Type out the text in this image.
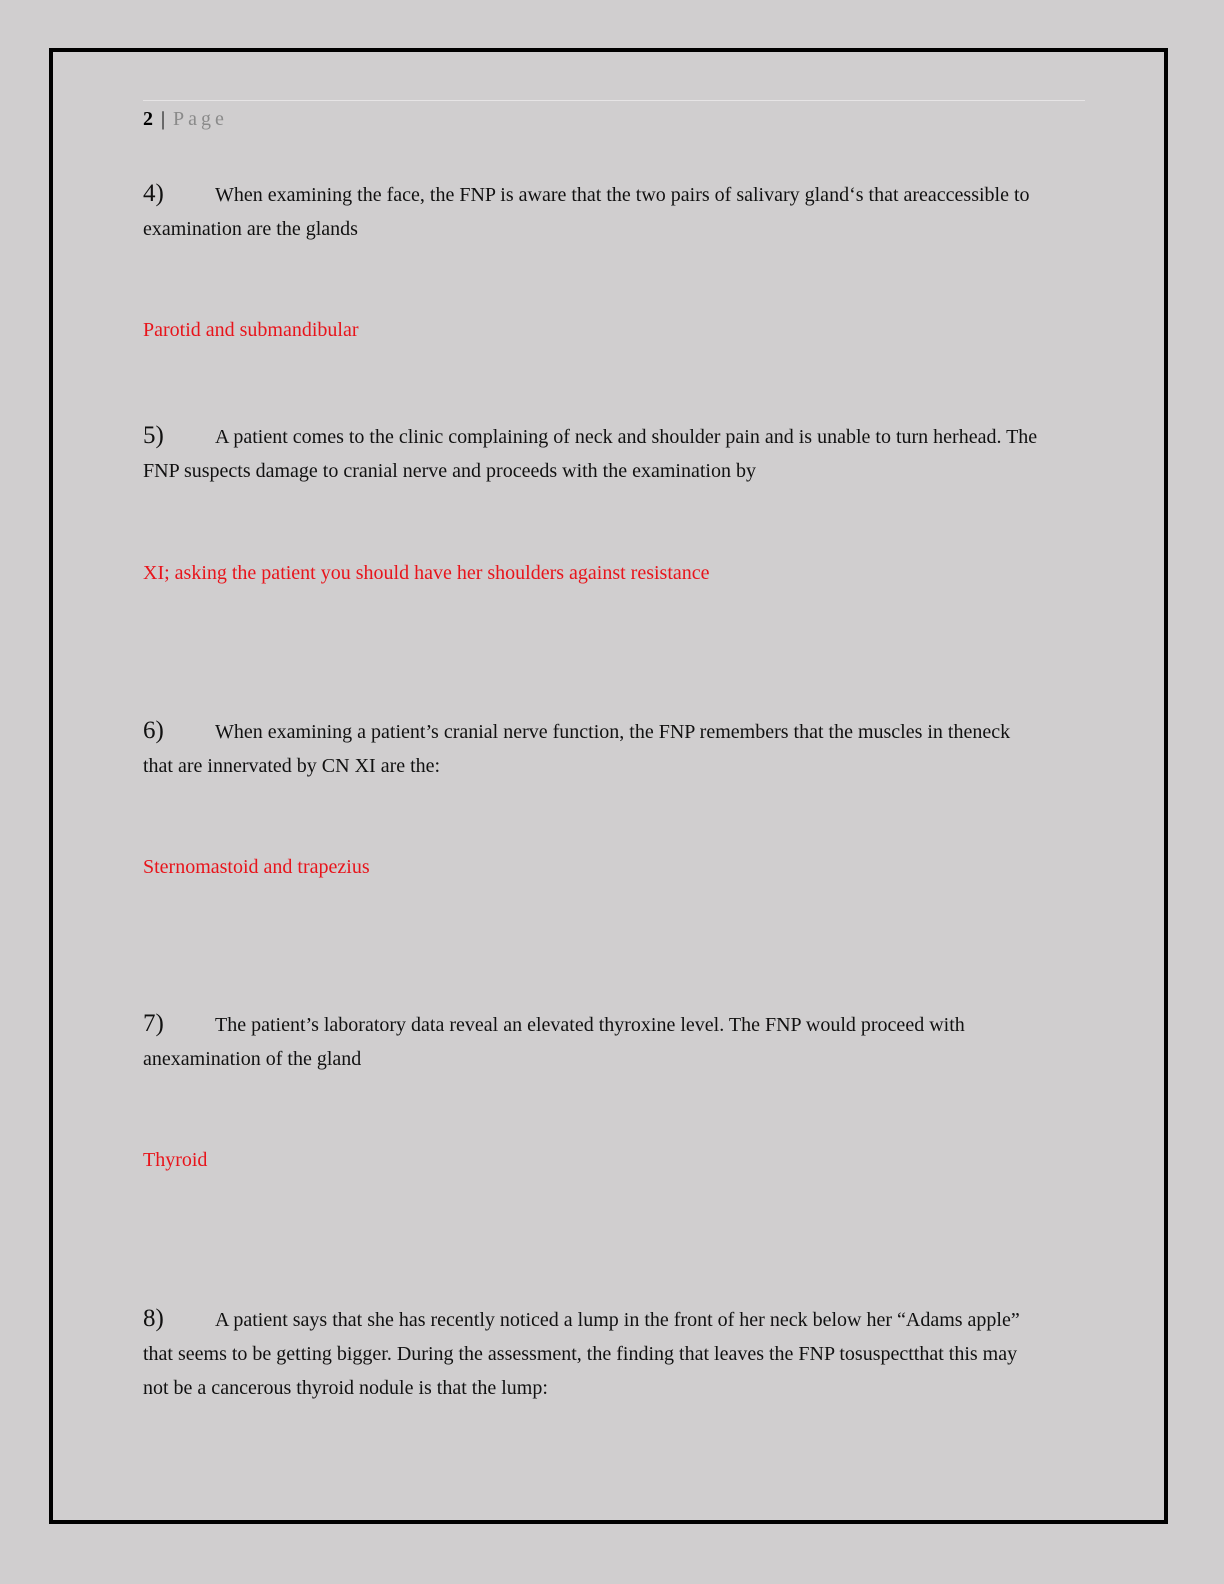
2 | Page
4)	When examining the face, the FNP is aware that the two pairs of salivary gland‘s that areaccessible to examination are the glands
Parotid and submandibular
5)	A patient comes to the clinic complaining of neck and shoulder pain and is unable to turn herhead. The FNP suspects damage to cranial nerve and proceeds with the examination by
XI; asking the patient you should have her shoulders against resistance
6)	When examining a patient’s cranial nerve function, the FNP remembers that the muscles in theneck that are innervated by CN XI are the:
Sternomastoid and trapezius
7)	The patient’s laboratory data reveal an elevated thyroxine level. The FNP would proceed with anexamination of the gland
Thyroid
8)	A patient says that she has recently noticed a lump in the front of her neck below her “Adams apple” that seems to be getting bigger. During the assessment, the finding that leaves the FNP tosuspectthat this may not be a cancerous thyroid nodule is that the lump:
